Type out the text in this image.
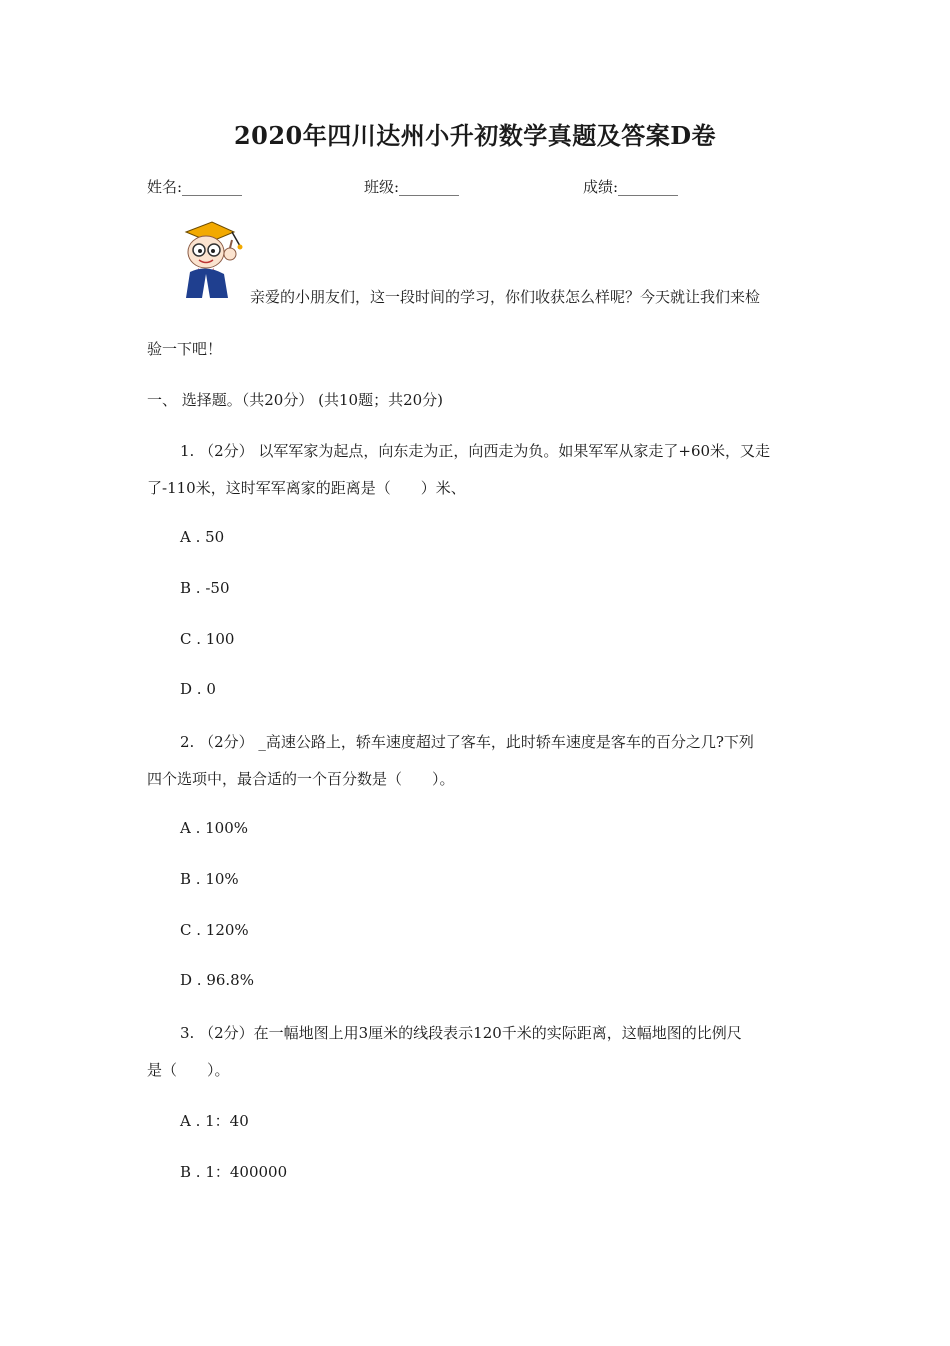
2020年四川达州小升初数学真题及答案D卷
姓名:________	班级:________	成绩:________
亲爱的小朋友们，这一段时间的学习，你们收获怎么样呢？今天就让我们来检
验一下吧！
一、 选择题。（共20分） (共10题；共20分)
1. （2分） 以军军家为起点，向东走为正，向西走为负。如果军军从家走了+60米，又走
了-110米，这时军军离家的距离是（　　）米、
A . 50
B . -50
C . 100
D . 0
2. （2分） _高速公路上，轿车速度超过了客车，此时轿车速度是客车的百分之几?下列
四个选项中，最合适的一个百分数是（　　）。
A . 100%
B . 10%
C . 120%
D . 96.8%
3. （2分）在一幅地图上用3厘米的线段表示120千米的实际距离，这幅地图的比例尺
是（　　）。
A . 1：40
B . 1：400000
